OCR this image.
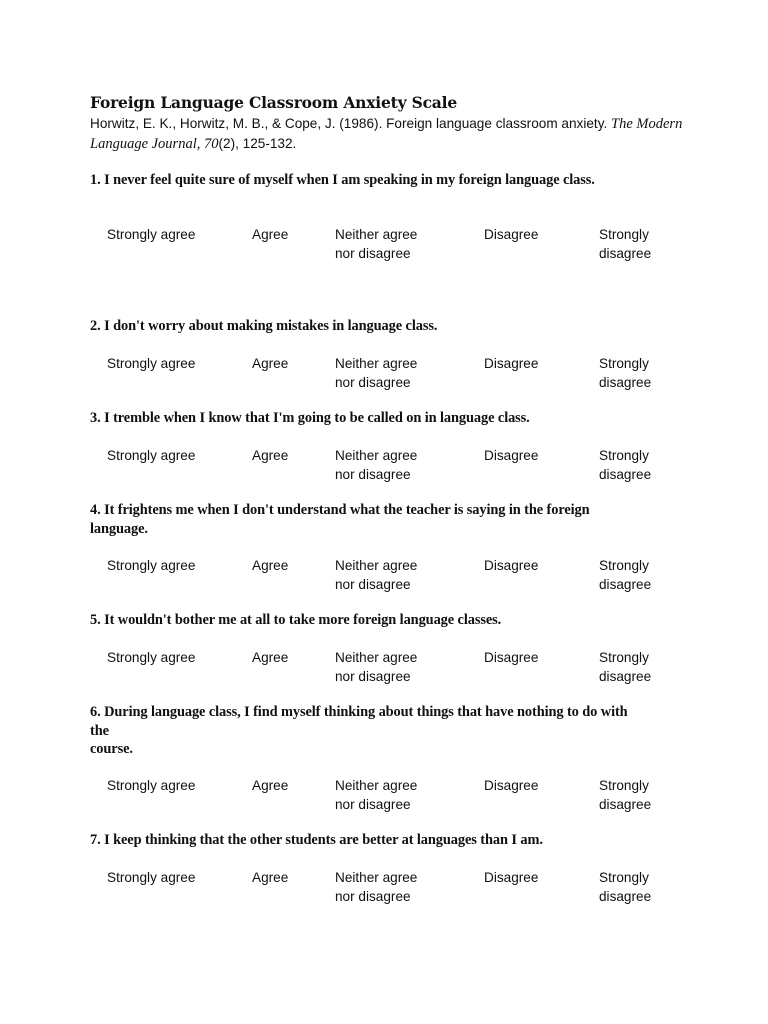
Foreign Language Classroom Anxiety Scale
Horwitz, E. K., Horwitz, M. B., & Cope, J. (1986). Foreign language classroom anxiety. The Modern Language Journal, 70(2), 125-132.
1. I never feel quite sure of myself when I am speaking in my foreign language class.
Strongly agree	Agree	Neither agree
nor disagree
Disagree	Strongly
disagree
2. I don't worry about making mistakes in language class.
Strongly agree	Agree	Neither agree
nor disagree
Disagree	Strongly
disagree
3. I tremble when I know that I'm going to be called on in language class.
Strongly agree	Agree	Neither agree
nor disagree
Disagree	Strongly
disagree
4. It frightens me when I don't understand what the teacher is saying in the foreign
language.
Strongly agree	Agree	Neither agree
nor disagree
Disagree	Strongly
disagree
5. It wouldn't bother me at all to take more foreign language classes.
Strongly agree	Agree	Neither agree
nor disagree
Disagree	Strongly
disagree
6. During language class, I find myself thinking about things that have nothing to do with
the
course.
Strongly agree	Agree	Neither agree
nor disagree
Disagree	Strongly
disagree
7. I keep thinking that the other students are better at languages than I am.
Strongly agree	Agree	Neither agree
nor disagree
Disagree	Strongly
disagree
